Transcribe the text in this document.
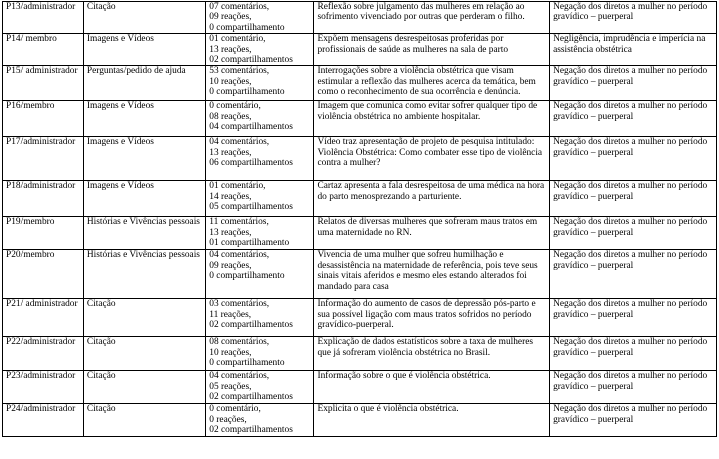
P13/administrador	Citação	07 comentários,
09 reações,
0 compartilhamento	Reflexão sobre julgamento das mulheres em relação ao sofrimento vivenciado por outras que perderam o filho.	Negação dos diretos a mulher no período gravídico – puerperal

P14/ membro	Imagens e Vídeos	01 comentário,
13 reações,
02 compartilhamentos	Expõem mensagens desrespeitosas proferidas por profissionais de saúde as mulheres na sala de parto	Negligência, imprudência e imperícia na assistência obstétrica

P15/ administrador	Perguntas/pedido de ajuda	53 comentários,
10 reações,
0 compartilhamento	Interrogações sobre a violência obstétrica que visam estimular a reflexão das mulheres acerca da temática, bem como o reconhecimento de sua ocorrência e denúncia.	Negação dos diretos a mulher no período gravídico – puerperal

P16/membro	Imagens e Vídeos	0 comentário,
08 reações,
04 compartilhamentos	Imagem que comunica como evitar sofrer qualquer tipo de violência obstétrica no ambiente hospitalar.	Negação dos diretos a mulher no período gravídico – puerperal

P17/administrador	Imagens e Vídeos	04 comentários,
13 reações,
06 compartilhamentos	Vídeo traz apresentação de projeto de pesquisa intitulado: Violência Obstétrica: Como combater esse tipo de violência contra a mulher?	Negação dos diretos a mulher no período gravídico – puerperal

P18/administrador	Imagens e Vídeos	01 comentário,
14 reações,
05 compartilhamentos	Cartaz apresenta a fala desrespeitosa de uma médica na hora do parto menosprezando a parturiente.	Negação dos diretos a mulher no período gravídico – puerperal

P19/membro	Histórias e Vivências pessoais	11 comentários,
13 reações,
01 compartilhamento	Relatos de diversas mulheres que sofreram maus tratos em uma maternidade no RN.	Negação dos diretos a mulher no período gravídico – puerperal

P20/membro	Histórias e Vivências pessoais	04 comentários,
09 reações,
0 compartilhamento	Vivencia de uma mulher que sofreu humilhação e desassistência na maternidade de referência, pois teve seus sinais vitais aferidos e mesmo eles estando alterados foi mandado para casa	Negação dos diretos a mulher no período gravídico – puerperal

P21/ administrador	Citação	03 comentários,
11 reações,
02 compartilhamentos	Informação do aumento de casos de depressão pós-parto e sua possível ligação com maus tratos sofridos no período gravídico-puerperal.	Negação dos diretos a mulher no período gravídico – puerperal

P22/administrador	Citação	08 comentários,
10 reações,
0 compartilhamento	Explicação de dados estatísticos sobre a taxa de mulheres que já sofreram violência obstétrica no Brasil.	Negação dos diretos a mulher no período gravídico – puerperal

P23/administrador	Citação	04 comentários,
05 reações,
02 compartilhamentos	Informação sobre o que é violência obstétrica.	Negação dos diretos a mulher no período gravídico – puerperal

P24/administrador	Citação	0 comentário,
0 reações,
02 compartilhamentos	Explicita o que é violência obstétrica.	Negação dos diretos a mulher no período gravídico – puerperal
